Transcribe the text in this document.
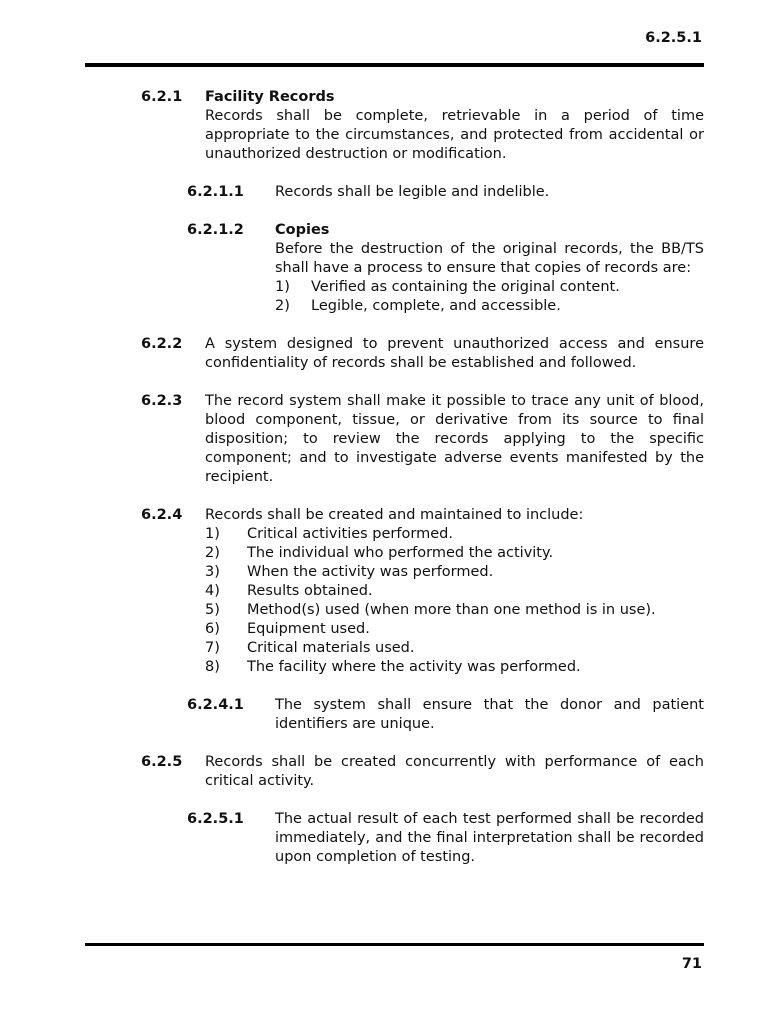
6.2.5.1
6.2.1 Facility Records
Records shall be complete, retrievable in a period of time appropriate to the circumstances, and protected from accidental or unauthorized destruction or modification.
6.2.1.1 Records shall be legible and indelible.
6.2.1.2 Copies
Before the destruction of the original records, the BB/TS shall have a process to ensure that copies of records are:
1) Verified as containing the original content.
2) Legible, complete, and accessible.
6.2.2 A system designed to prevent unauthorized access and ensure confidentiality of records shall be established and followed.
6.2.3 The record system shall make it possible to trace any unit of blood, blood component, tissue, or derivative from its source to final disposition; to review the records applying to the specific component; and to investigate adverse events manifested by the recipient.
6.2.4 Records shall be created and maintained to include:
1) Critical activities performed.
2) The individual who performed the activity.
3) When the activity was performed.
4) Results obtained.
5) Method(s) used (when more than one method is in use).
6) Equipment used.
7) Critical materials used.
8) The facility where the activity was performed.
6.2.4.1 The system shall ensure that the donor and patient identifiers are unique.
6.2.5 Records shall be created concurrently with performance of each critical activity.
6.2.5.1 The actual result of each test performed shall be recorded immediately, and the final interpretation shall be recorded upon completion of testing.
71
